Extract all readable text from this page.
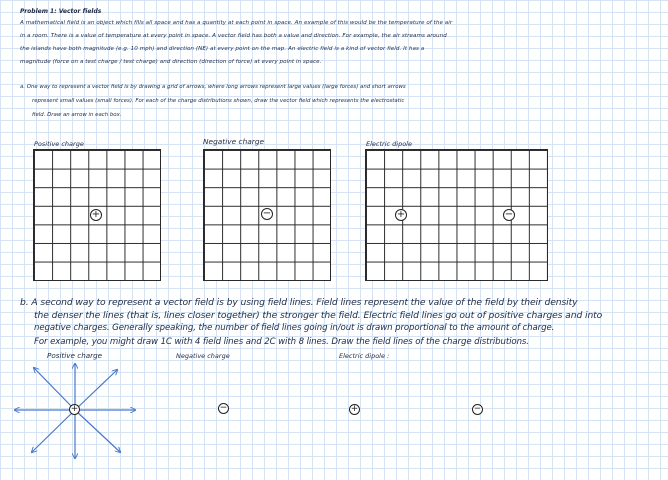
Problem 1: Vector fields
A mathematical field is an object which fills all space and has a quantity at each point in space. An example of this would be the temperature of the air
in a room. There is a value of temperature at every point in space. A vector field has both a value and direction. For example, the air streams around
the islands have both magnitude (e.g. 10 mph) and direction (NE) at every point on the map. An electric field is a kind of vector field. It has a
magnitude (force on a test charge / test charge) and direction (direction of force) at every point in space.
a. One way to represent a vector field is by drawing a grid of arrows, where long arrows represent large values (large forces) and short arrows
represent small values (small forces). For each of the charge distributions shown, draw the vector field which represents the electrostatic
field. Draw an arrow in each box.
Positive charge	Negative charge	Electric dipole
+	−	+	−
b. A second way to represent a vector field is by using field lines. Field lines represent the value of the field by their density
the denser the lines (that is, lines closer together) the stronger the field. Electric field lines go out of positive charges and into
negative charges. Generally speaking, the number of field lines going in/out is drawn proportional to the amount of charge.
For example, you might draw 1C with 4 field lines and 2C with 8 lines. Draw the field lines of the charge distributions.
Positive charge	Negative charge	Electric dipole :
+	−	+	−
